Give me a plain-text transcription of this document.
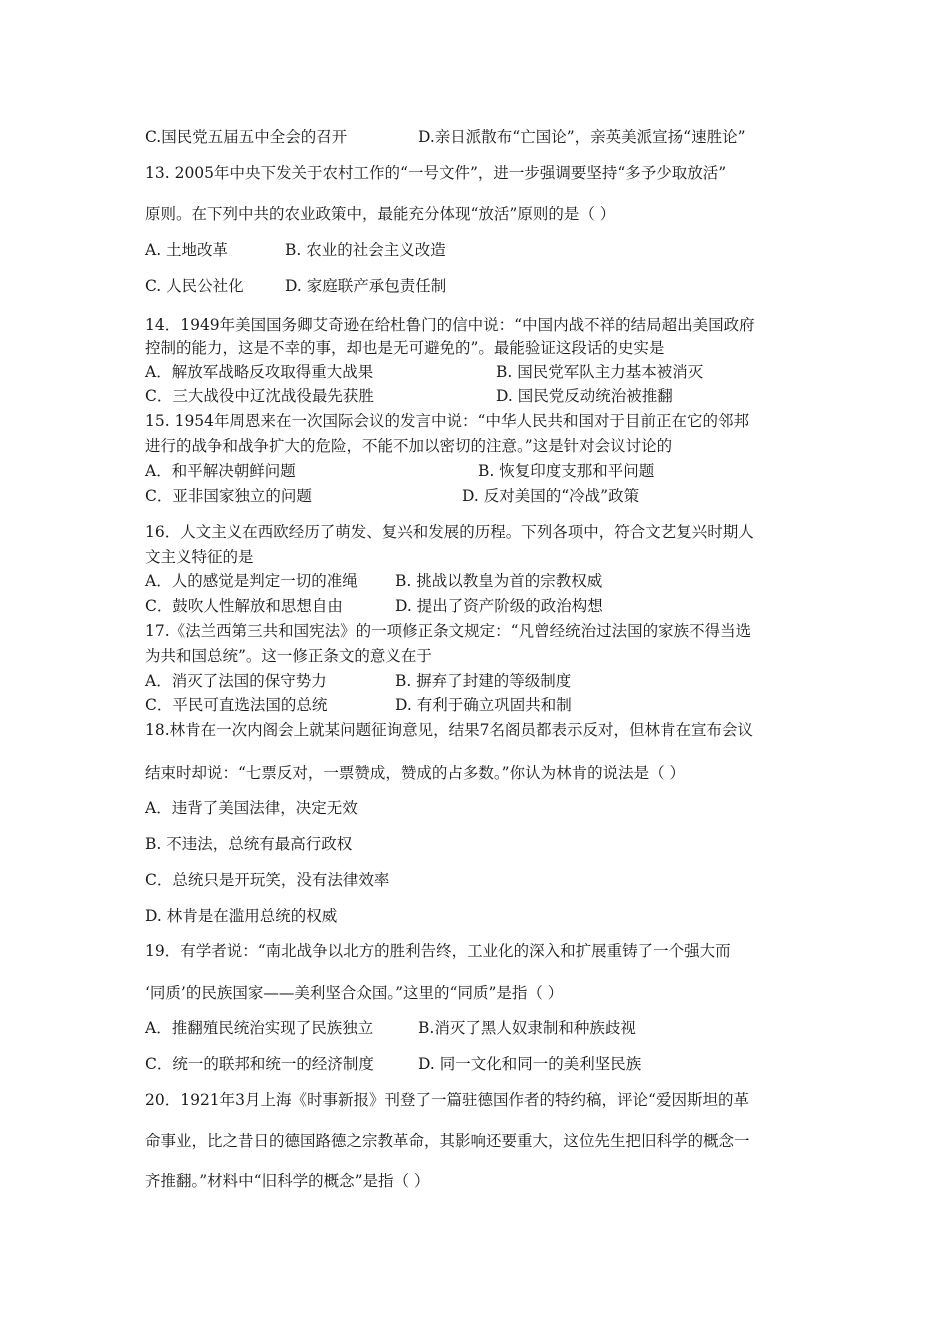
C.国民党五届五中全会的召开	D.亲日派散布“亡国论”，亲英美派宣扬“速胜论”
13. 2005年中央下发关于农村工作的“一号文件”，进一步强调要坚持“多予少取放活”
原则。在下列中共的农业政策中，最能充分体现“放活”原则的是（ ）
A. 土地改革	B. 农业的社会主义改造
C. 人民公社化	D. 家庭联产承包责任制
14．1949年美国国务卿艾奇逊在给杜鲁门的信中说：“中国内战不祥的结局超出美国政府
控制的能力，这是不幸的事，却也是无可避免的”。最能验证这段话的史实是
A．解放军战略反攻取得重大战果	B. 国民党军队主力基本被消灭
C．三大战役中辽沈战役最先获胜	D. 国民党反动统治被推翻
15. 1954年周恩来在一次国际会议的发言中说：“中华人民共和国对于目前正在它的邻邦
进行的战争和战争扩大的危险，不能不加以密切的注意。”这是针对会议讨论的
A．和平解决朝鲜问题	B. 恢复印度支那和平问题
C．亚非国家独立的问题	D. 反对美国的“冷战”政策
16．人文主义在西欧经历了萌发、复兴和发展的历程。下列各项中，符合文艺复兴时期人
文主义特征的是
A．人的感觉是判定一切的准绳 B. 挑战以教皇为首的宗教权威
C．鼓吹人性解放和思想自由	D. 提出了资产阶级的政治构想
17.《法兰西第三共和国宪法》的一项修正条文规定：“凡曾经统治过法国的家族不得当选
为共和国总统”。这一修正条文的意义在于
A．消灭了法国的保守势力	B. 摒弃了封建的等级制度
C．平民可直选法国的总统	D. 有利于确立巩固共和制
18.林肯在一次内阁会上就某问题征询意见，结果7名阁员都表示反对，但林肯在宣布会议
结束时却说：“七票反对，一票赞成，赞成的占多数。”你认为林肯的说法是（ ）
A．违背了美国法律，决定无效
B. 不违法，总统有最高行政权
C．总统只是开玩笑，没有法律效率
D. 林肯是在滥用总统的权威
19．有学者说：“南北战争以北方的胜利告终，工业化的深入和扩展重铸了一个强大而
‘同质’的民族国家——美利坚合众国。”这里的“同质”是指（ ）
A．推翻殖民统治实现了民族独立	B.消灭了黑人奴隶制和种族歧视
C．统一的联邦和统一的经济制度	D. 同一文化和同一的美利坚民族
20．1921年3月上海《时事新报》刊登了一篇驻德国作者的特约稿，评论“爱因斯坦的革
命事业，比之昔日的德国路德之宗教革命，其影响还要重大，这位先生把旧科学的概念一
齐推翻。”材料中“旧科学的概念”是指（ ）
